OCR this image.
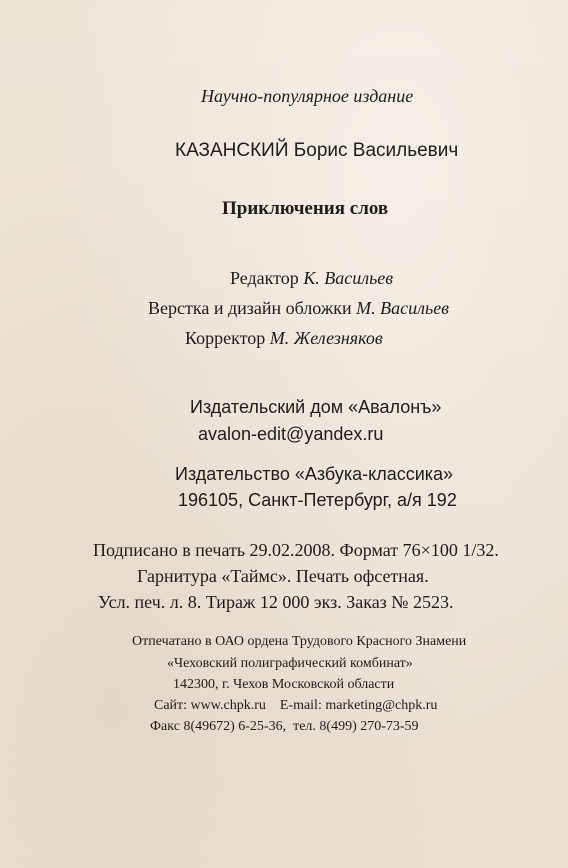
Научно-популярное издание
КАЗАНСКИЙ Борис Васильевич
Приключения слов
Редактор К. Васильев
Верстка и дизайн обложки М. Васильев
Корректор М. Железняков
Издательский дом «Авалонъ»
avalon-edit@yandex.ru
Издательство «Азбука-классика»
196105, Санкт-Петербург, а/я 192
Подписано в печать 29.02.2008. Формат 76×100 1/32.
Гарнитура «Таймс». Печать офсетная.
Усл. печ. л. 8. Тираж 12 000 экз. Заказ № 2523.
Отпечатано в ОАО ордена Трудового Красного Знамени
«Чеховский полиграфический комбинат»
142300, г. Чехов Московской области
Сайт: www.chpk.ru    E-mail: marketing@chpk.ru
Факс 8(49672) 6-25-36,  тел. 8(499) 270-73-59
